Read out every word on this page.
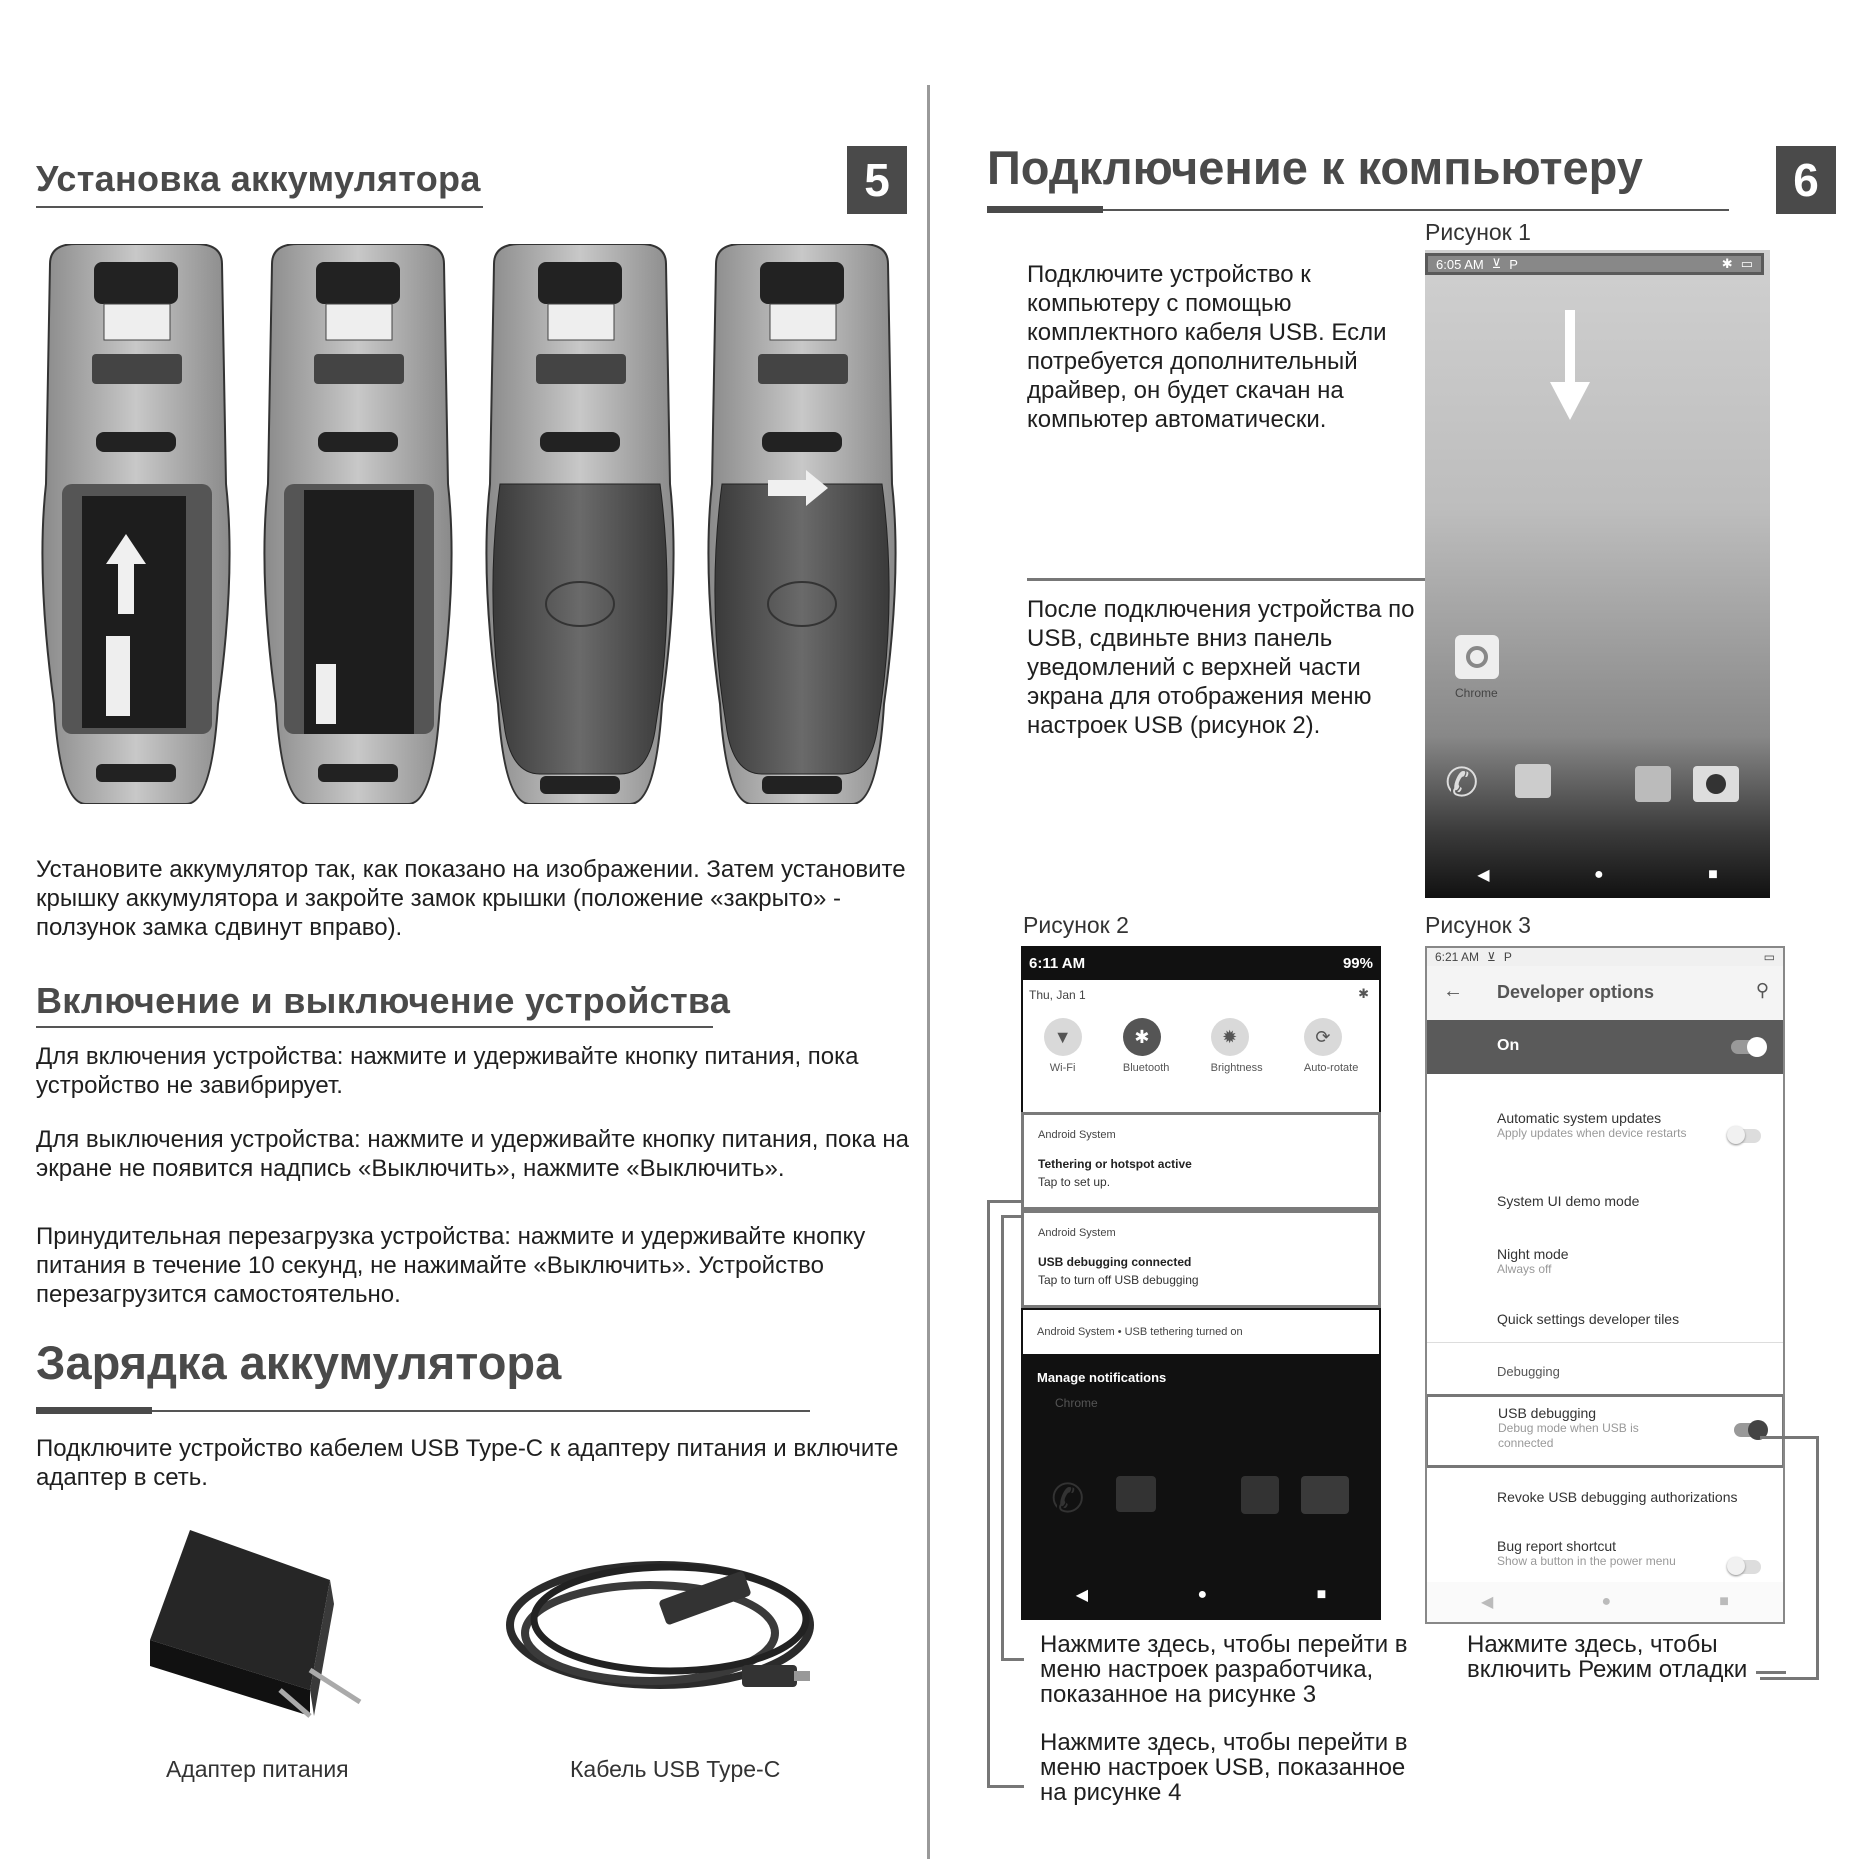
Установка аккумулятора	5
Установите аккумулятор так, как показано на изображении. Затем установите крышку аккумулятора и закройте замок крышки (положение «закрыто» - ползунок замка сдвинут вправо).
Включение и выключение устройства
Для включения устройства: нажмите и удерживайте кнопку питания, пока устройство не завибрирует.
Для выключения устройства: нажмите и удерживайте кнопку питания, пока на экране не появится надпись «Выключить», нажмите «Выключить».
Принудительная перезагрузка устройства: нажмите и удерживайте кнопку питания в течение 10 секунд, не нажимайте «Выключить». Устройство перезагрузится самостоятельно.
Зарядка аккумулятора
Подключите устройство кабелем USB Type-C к адаптеру питания и включите адаптер в сеть.
Адаптер питания	Кабель USB Type-C
Подключение к компьютеру	6
Подключите устройство к компьютеру с помощью комплектного кабеля USB. Если потребуется дополнительный драйвер, он будет скачан на компьютер автоматически.
После подключения устройства по USB, сдвиньте вниз панель уведомлений с верхней части экрана для отображения меню настроек USB (рисунок 2).
Рисунок 1
6:05 AM ⊻ P	✱ ▭
Chrome
✆
◀	●	■
Рисунок 2
6:11 AM	99%
Thu, Jan 1	✱
▼
Wi-Fi
✱
Bluetooth
✹
Brightness
⟳
Auto-rotate
Android System
Tethering or hotspot active
Tap to set up.
Android System
USB debugging connected
Tap to turn off USB debugging
Android System • USB tethering turned on
Manage notifications
Chrome
✆
◀	●	■
Рисунок 3
6:21 AM ⊻ P	▭
← Developer options	⚲
On
Automatic system updates
Apply updates when device restarts
System UI demo mode
Night mode
Always off
Quick settings developer tiles
Debugging
USB debugging
Debug mode when USB is connected
Revoke USB debugging authorizations
Bug report shortcut
Show a button in the power menu
◀	●	■
Нажмите здесь, чтобы перейти в меню настроек разработчика, показанное на рисунке 3
Нажмите здесь, чтобы перейти в меню настроек USB, показанное на рисунке 4
Нажмите здесь, чтобы включить Режим отладки
